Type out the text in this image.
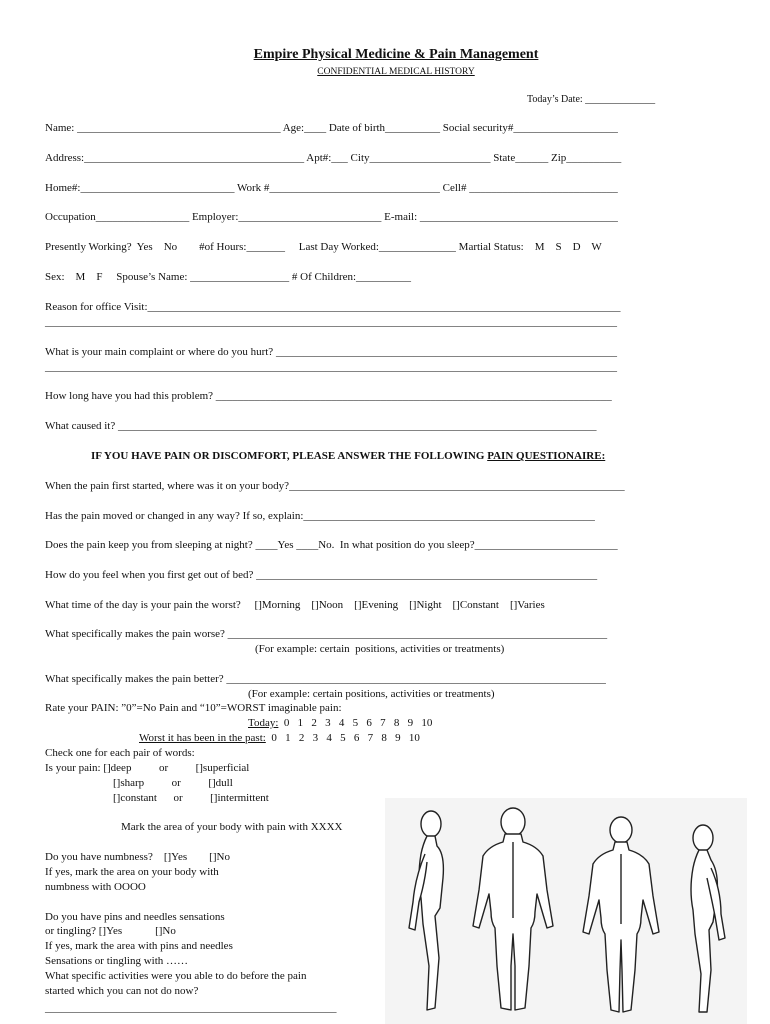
Empire Physical Medicine & Pain Management
CONFIDENTIAL MEDICAL HISTORY
Today’s Date: ______________
Name: _____________________________________ Age:____ Date of birth__________ Social security#___________________
Address:________________________________________ Apt#:___ City______________________ State______ Zip__________
Home#:____________________________ Work #_______________________________ Cell# ___________________________
Occupation_________________ Employer:__________________________ E-mail: ____________________________________
Presently Working?  Yes    No        #of Hours:_______     Last Day Worked:______________ Martial Status:    M    S    D    W
Sex:    M    F     Spouse’s Name: __________________ # Of Children:__________
Reason for office Visit:______________________________________________________________________________________
________________________________________________________________________________________________________
What is your main complaint or where do you hurt? ______________________________________________________________
________________________________________________________________________________________________________
How long have you had this problem? ________________________________________________________________________
What caused it? _______________________________________________________________________________________
IF YOU HAVE PAIN OR DISCOMFORT, PLEASE ANSWER THE FOLLOWING PAIN QUESTIONAIRE:
When the pain first started, where was it on your body?_____________________________________________________________
Has the pain moved or changed in any way? If so, explain:_____________________________________________________
Does the pain keep you from sleeping at night? ____Yes ____No.  In what position do you sleep?__________________________
How do you feel when you first get out of bed? ______________________________________________________________
What time of the day is your pain the worst?     []Morning    []Noon    []Evening    []Night    []Constant    []Varies
What specifically makes the pain worse? _____________________________________________________________________
(For example: certain  positions, activities or treatments)
What specifically makes the pain better? _____________________________________________________________________
(For example: certain positions, activities or treatments)
Rate your PAIN: ”0”=No Pain and “10”=WORST imaginable pain:
Today:  0   1   2   3   4   5   6   7   8   9   10
Worst it has been in the past:  0   1   2   3   4   5   6   7   8   9   10
Check one for each pair of words:
Is your pain: []deep          or          []superficial
[]sharp          or          []dull
[]constant      or          []intermittent
Mark the area of your body with pain with XXXX
Do you have numbness?    []Yes        []No
If yes, mark the area on your body with
numbness with OOOO
Do you have pins and needles sensations
or tingling? []Yes            []No
If yes, mark the area with pins and needles
Sensations or tingling with ……
What specific activities were you able to do before the pain
started which you can not do now?
_____________________________________________________
